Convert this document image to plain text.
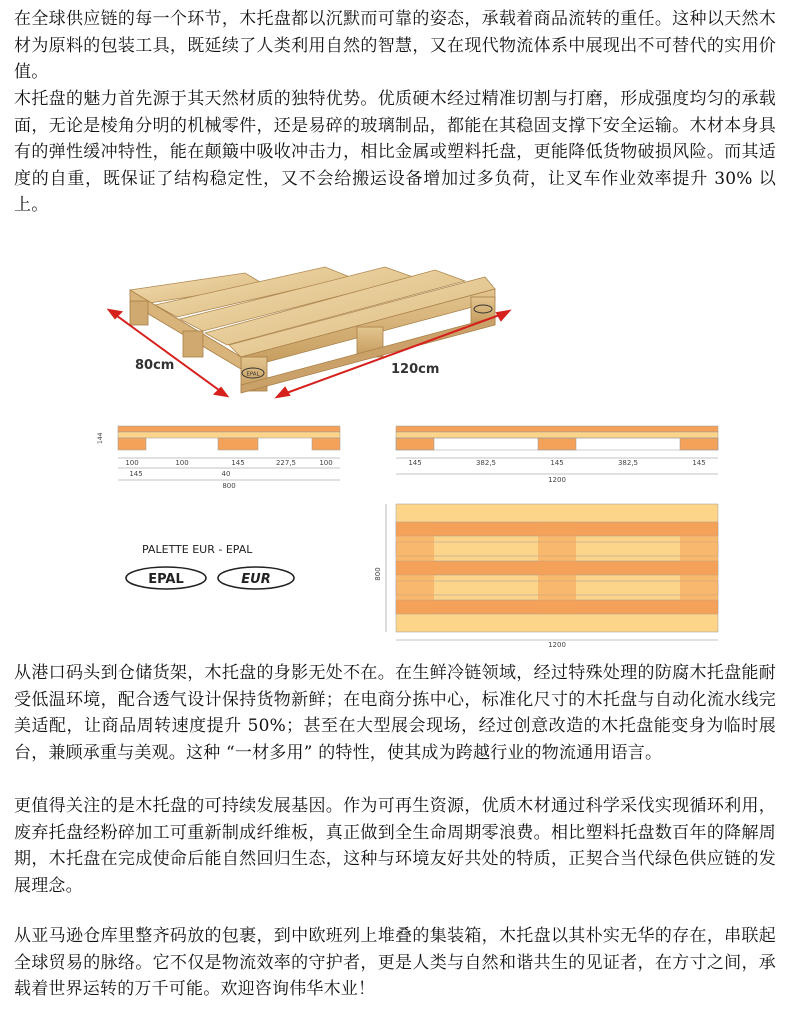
在全球供应链的每一个环节，木托盘都以沉默而可靠的姿态，承载着商品流转的重任。这种以天然木材为原料的包装工具，既延续了人类利用自然的智慧，又在现代物流体系中展现出不可替代的实用价值。

木托盘的魅力首先源于其天然材质的独特优势。优质硬木经过精准切割与打磨，形成强度均匀的承载面，无论是棱角分明的机械零件，还是易碎的玻璃制品，都能在其稳固支撑下安全运输。木材本身具有的弹性缓冲特性，能在颠簸中吸收冲击力，相比金属或塑料托盘，更能降低货物破损风险。而其适度的自重，既保证了结构稳定性，又不会给搬运设备增加过多负荷，让叉车作业效率提升 30% 以上。

EPAL
80cm	120cm
100	100	145	227,5	100
145	40
800
144
145	382,5	145	382,5	145
1200
1200
800
PALETTE EUR - EPAL
EPAL	EUR

从港口码头到仓储货架，木托盘的身影无处不在。在生鲜冷链领域，经过特殊处理的防腐木托盘能耐受低温环境，配合透气设计保持货物新鲜；在电商分拣中心，标准化尺寸的木托盘与自动化流水线完美适配，让商品周转速度提升 50%；甚至在大型展会现场，经过创意改造的木托盘能变身为临时展台，兼顾承重与美观。这种 “一材多用” 的特性，使其成为跨越行业的物流通用语言。

更值得关注的是木托盘的可持续发展基因。作为可再生资源，优质木材通过科学采伐实现循环利用，废弃托盘经粉碎加工可重新制成纤维板，真正做到全生命周期零浪费。相比塑料托盘数百年的降解周期，木托盘在完成使命后能自然回归生态，这种与环境友好共处的特质，正契合当代绿色供应链的发展理念。

从亚马逊仓库里整齐码放的包裹，到中欧班列上堆叠的集装箱，木托盘以其朴实无华的存在，串联起全球贸易的脉络。它不仅是物流效率的守护者，更是人类与自然和谐共生的见证者，在方寸之间，承载着世界运转的万千可能。欢迎咨询伟华木业！
